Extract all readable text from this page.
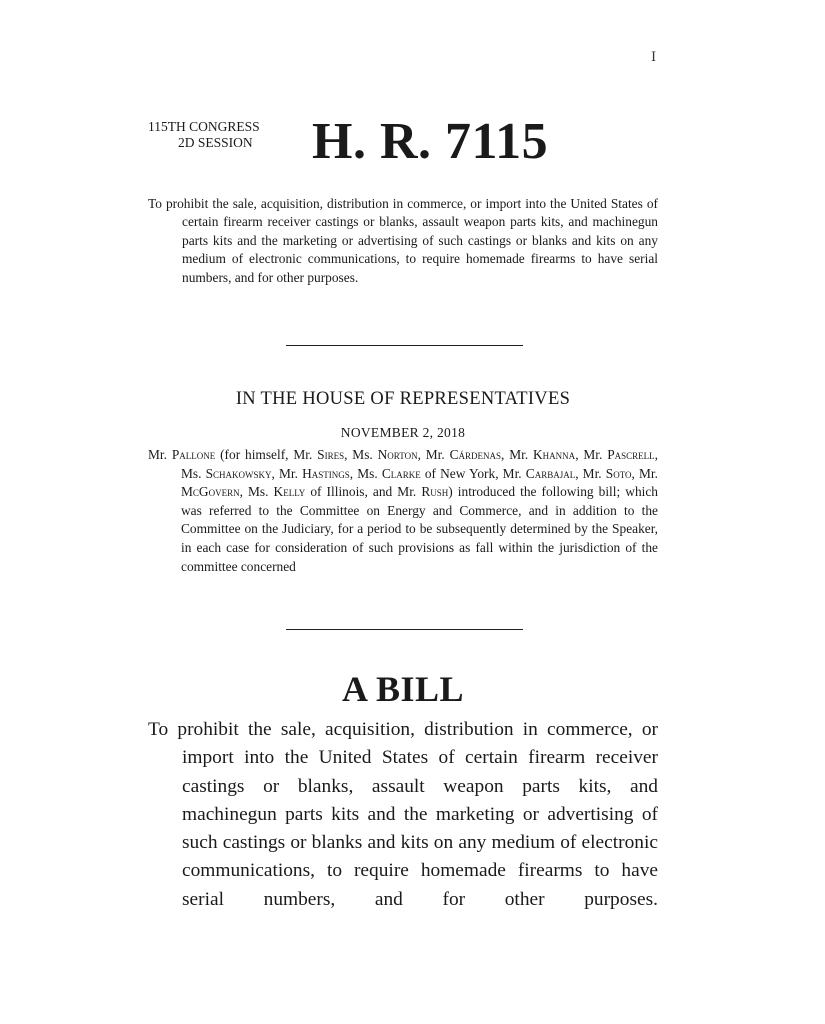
I
115TH CONGRESS
2D SESSION H. R. 7115
To prohibit the sale, acquisition, distribution in commerce, or import into the United States of certain firearm receiver castings or blanks, assault weapon parts kits, and machinegun parts kits and the marketing or advertising of such castings or blanks and kits on any medium of electronic communications, to require homemade firearms to have serial numbers, and for other purposes.
IN THE HOUSE OF REPRESENTATIVES
NOVEMBER 2, 2018
Mr. Pallone (for himself, Mr. Sires, Ms. Norton, Mr. Cárdenas, Mr. Khanna, Mr. Pascrell, Ms. Schakowsky, Mr. Hastings, Ms. Clarke of New York, Mr. Carbajal, Mr. Soto, Mr. McGovern, Ms. Kelly of Illinois, and Mr. Rush) introduced the following bill; which was referred to the Committee on Energy and Commerce, and in addition to the Committee on the Judiciary, for a period to be subsequently determined by the Speaker, in each case for consideration of such provisions as fall within the jurisdiction of the committee concerned
A BILL
To prohibit the sale, acquisition, distribution in commerce, or import into the United States of certain firearm receiver castings or blanks, assault weapon parts kits, and machinegun parts kits and the marketing or advertising of such castings or blanks and kits on any medium of electronic communications, to require homemade firearms to have serial numbers, and for other purposes.
